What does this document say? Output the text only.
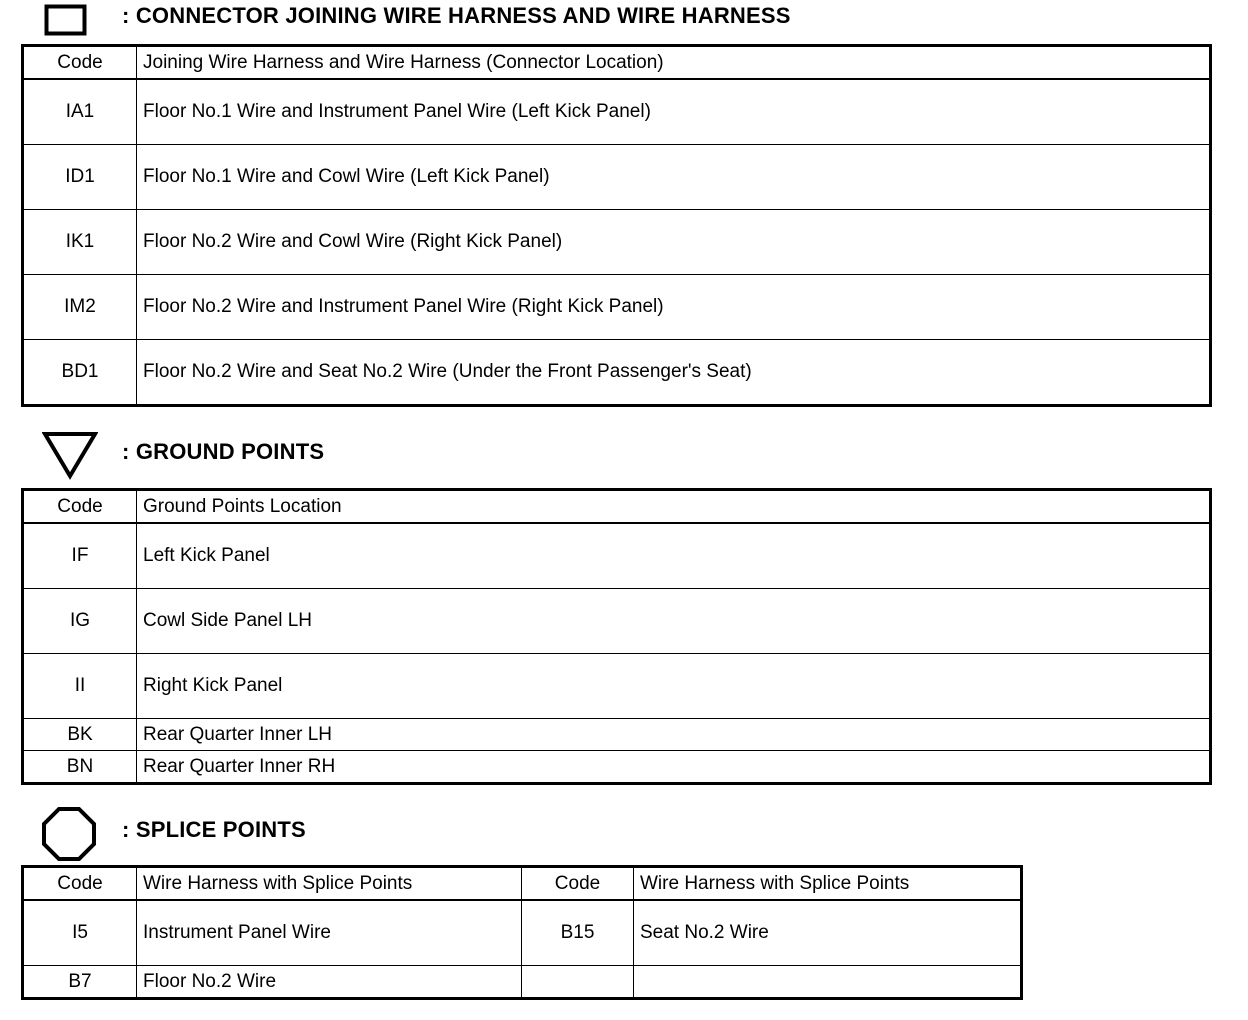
: CONNECTOR JOINING WIRE HARNESS AND WIRE HARNESS
Code	Joining Wire Harness and Wire Harness (Connector Location)
IA1	Floor No.1 Wire and Instrument Panel Wire (Left Kick Panel)
ID1	Floor No.1 Wire and Cowl Wire (Left Kick Panel)
IK1	Floor No.2 Wire and Cowl Wire (Right Kick Panel)
IM2	Floor No.2 Wire and Instrument Panel Wire (Right Kick Panel)
BD1	Floor No.2 Wire and Seat No.2 Wire (Under the Front Passenger's Seat)
: GROUND POINTS
Code	Ground Points Location
IF	Left Kick Panel
IG	Cowl Side Panel LH
II	Right Kick Panel
BK	Rear Quarter Inner LH
BN	Rear Quarter Inner RH
: SPLICE POINTS
Code	Wire Harness with Splice Points	Code	Wire Harness with Splice Points
I5	Instrument Panel Wire	B15	Seat No.2 Wire
B7	Floor No.2 Wire		
